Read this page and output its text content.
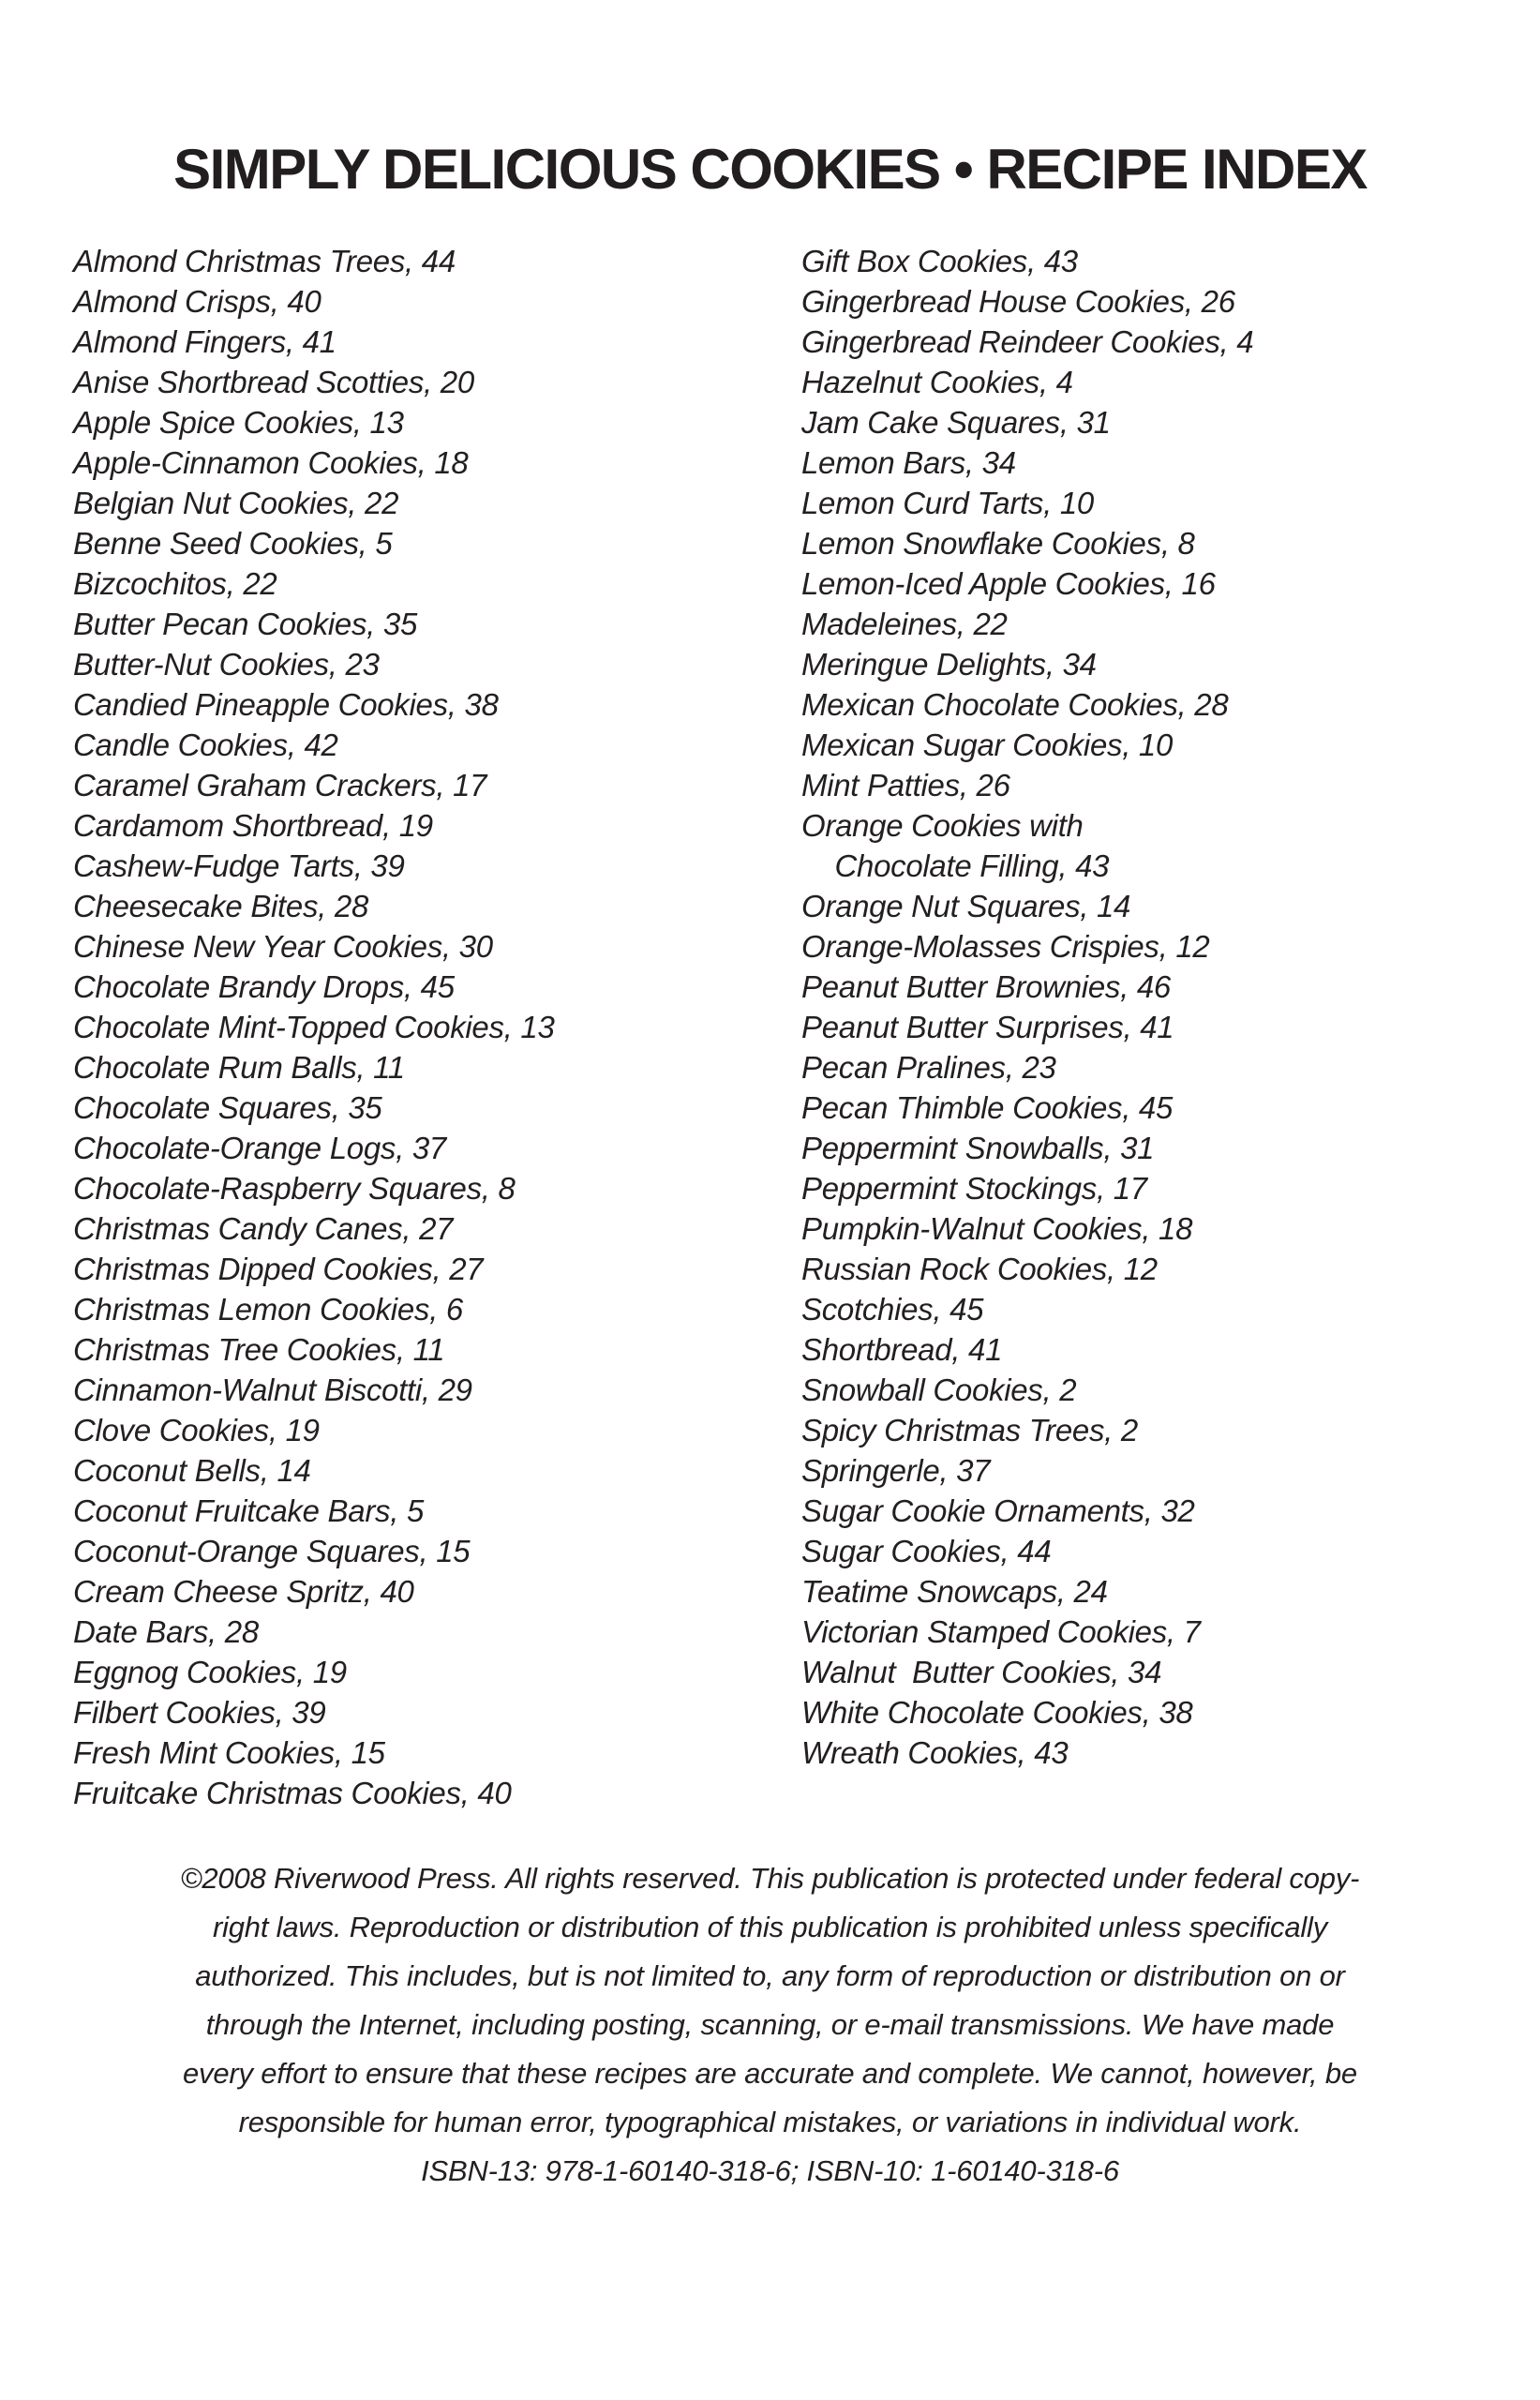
SIMPLY DELICIOUS COOKIES • RECIPE INDEX
Almond Christmas Trees, 44
Almond Crisps, 40
Almond Fingers, 41
Anise Shortbread Scotties, 20
Apple Spice Cookies, 13
Apple-Cinnamon Cookies, 18
Belgian Nut Cookies, 22
Benne Seed Cookies, 5
Bizcochitos, 22
Butter Pecan Cookies, 35
Butter-Nut Cookies, 23
Candied Pineapple Cookies, 38
Candle Cookies, 42
Caramel Graham Crackers, 17
Cardamom Shortbread, 19
Cashew-Fudge Tarts, 39
Cheesecake Bites, 28
Chinese New Year Cookies, 30
Chocolate Brandy Drops, 45
Chocolate Mint-Topped Cookies, 13
Chocolate Rum Balls, 11
Chocolate Squares, 35
Chocolate-Orange Logs, 37
Chocolate-Raspberry Squares, 8
Christmas Candy Canes, 27
Christmas Dipped Cookies, 27
Christmas Lemon Cookies, 6
Christmas Tree Cookies, 11
Cinnamon-Walnut Biscotti, 29
Clove Cookies, 19
Coconut Bells, 14
Coconut Fruitcake Bars, 5
Coconut-Orange Squares, 15
Cream Cheese Spritz, 40
Date Bars, 28
Eggnog Cookies, 19
Filbert Cookies, 39
Fresh Mint Cookies, 15
Fruitcake Christmas Cookies, 40
Gift Box Cookies, 43
Gingerbread House Cookies, 26
Gingerbread Reindeer Cookies, 4
Hazelnut Cookies, 4
Jam Cake Squares, 31
Lemon Bars, 34
Lemon Curd Tarts, 10
Lemon Snowflake Cookies, 8
Lemon-Iced Apple Cookies, 16
Madeleines, 22
Meringue Delights, 34
Mexican Chocolate Cookies, 28
Mexican Sugar Cookies, 10
Mint Patties, 26
Orange Cookies with
Chocolate Filling, 43
Orange Nut Squares, 14
Orange-Molasses Crispies, 12
Peanut Butter Brownies, 46
Peanut Butter Surprises, 41
Pecan Pralines, 23
Pecan Thimble Cookies, 45
Peppermint Snowballs, 31
Peppermint Stockings, 17
Pumpkin-Walnut Cookies, 18
Russian Rock Cookies, 12
Scotchies, 45
Shortbread, 41
Snowball Cookies, 2
Spicy Christmas Trees, 2
Springerle, 37
Sugar Cookie Ornaments, 32
Sugar Cookies, 44
Teatime Snowcaps, 24
Victorian Stamped Cookies, 7
Walnut  Butter Cookies, 34
White Chocolate Cookies, 38
Wreath Cookies, 43
©2008 Riverwood Press. All rights reserved. This publication is protected under federal copy-
right laws. Reproduction or distribution of this publication is prohibited unless specifically
authorized. This includes, but is not limited to, any form of reproduction or distribution on or
through the Internet, including posting, scanning, or e-mail transmissions. We have made
every effort to ensure that these recipes are accurate and complete. We cannot, however, be
responsible for human error, typographical mistakes, or variations in individual work.
ISBN-13: 978-1-60140-318-6; ISBN-10: 1-60140-318-6
